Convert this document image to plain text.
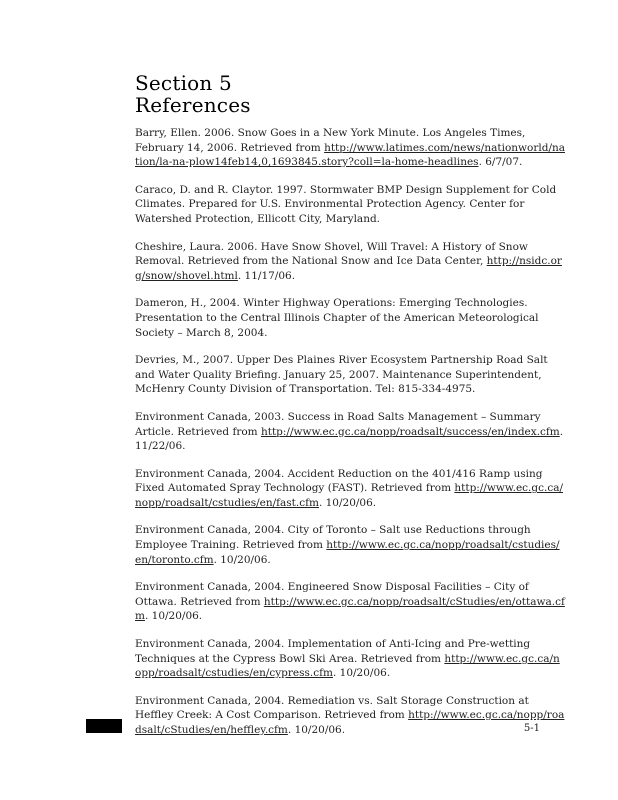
Section 5
References
Barry, Ellen. 2006. Snow Goes in a New York Minute. Los Angeles Times, February 14, 2006. Retrieved from http://www.latimes.com/news/nationworld/nation/la-na-plow14feb14,0,1693845.story?coll=la-home-headlines. 6/7/07.
Caraco, D. and R. Claytor. 1997. Stormwater BMP Design Supplement for Cold Climates. Prepared for U.S. Environmental Protection Agency. Center for Watershed Protection, Ellicott City, Maryland.
Cheshire, Laura. 2006. Have Snow Shovel, Will Travel: A History of Snow Removal. Retrieved from the National Snow and Ice Data Center, http://nsidc.org/snow/shovel.html. 11/17/06.
Dameron, H., 2004. Winter Highway Operations: Emerging Technologies. Presentation to the Central Illinois Chapter of the American Meteorological Society – March 8, 2004.
Devries, M., 2007. Upper Des Plaines River Ecosystem Partnership Road Salt and Water Quality Briefing. January 25, 2007. Maintenance Superintendent, McHenry County Division of Transportation. Tel: 815-334-4975.
Environment Canada, 2003. Success in Road Salts Management – Summary Article. Retrieved from http://www.ec.gc.ca/nopp/roadsalt/success/en/index.cfm. 11/22/06.
Environment Canada, 2004. Accident Reduction on the 401/416 Ramp using Fixed Automated Spray Technology (FAST). Retrieved from http://www.ec.gc.ca/nopp/roadsalt/cstudies/en/fast.cfm. 10/20/06.
Environment Canada, 2004. City of Toronto – Salt use Reductions through Employee Training. Retrieved from http://www.ec.gc.ca/nopp/roadsalt/cstudies/en/toronto.cfm. 10/20/06.
Environment Canada, 2004. Engineered Snow Disposal Facilities – City of Ottawa. Retrieved from http://www.ec.gc.ca/nopp/roadsalt/cStudies/en/ottawa.cfm. 10/20/06.
Environment Canada, 2004. Implementation of Anti-Icing and Pre-wetting Techniques at the Cypress Bowl Ski Area. Retrieved from http://www.ec.gc.ca/nopp/roadsalt/cstudies/en/cypress.cfm. 10/20/06.
Environment Canada, 2004. Remediation vs. Salt Storage Construction at Heffley Creek: A Cost Comparison. Retrieved from http://www.ec.gc.ca/nopp/roadsalt/cStudies/en/heffley.cfm. 10/20/06.	5-1
